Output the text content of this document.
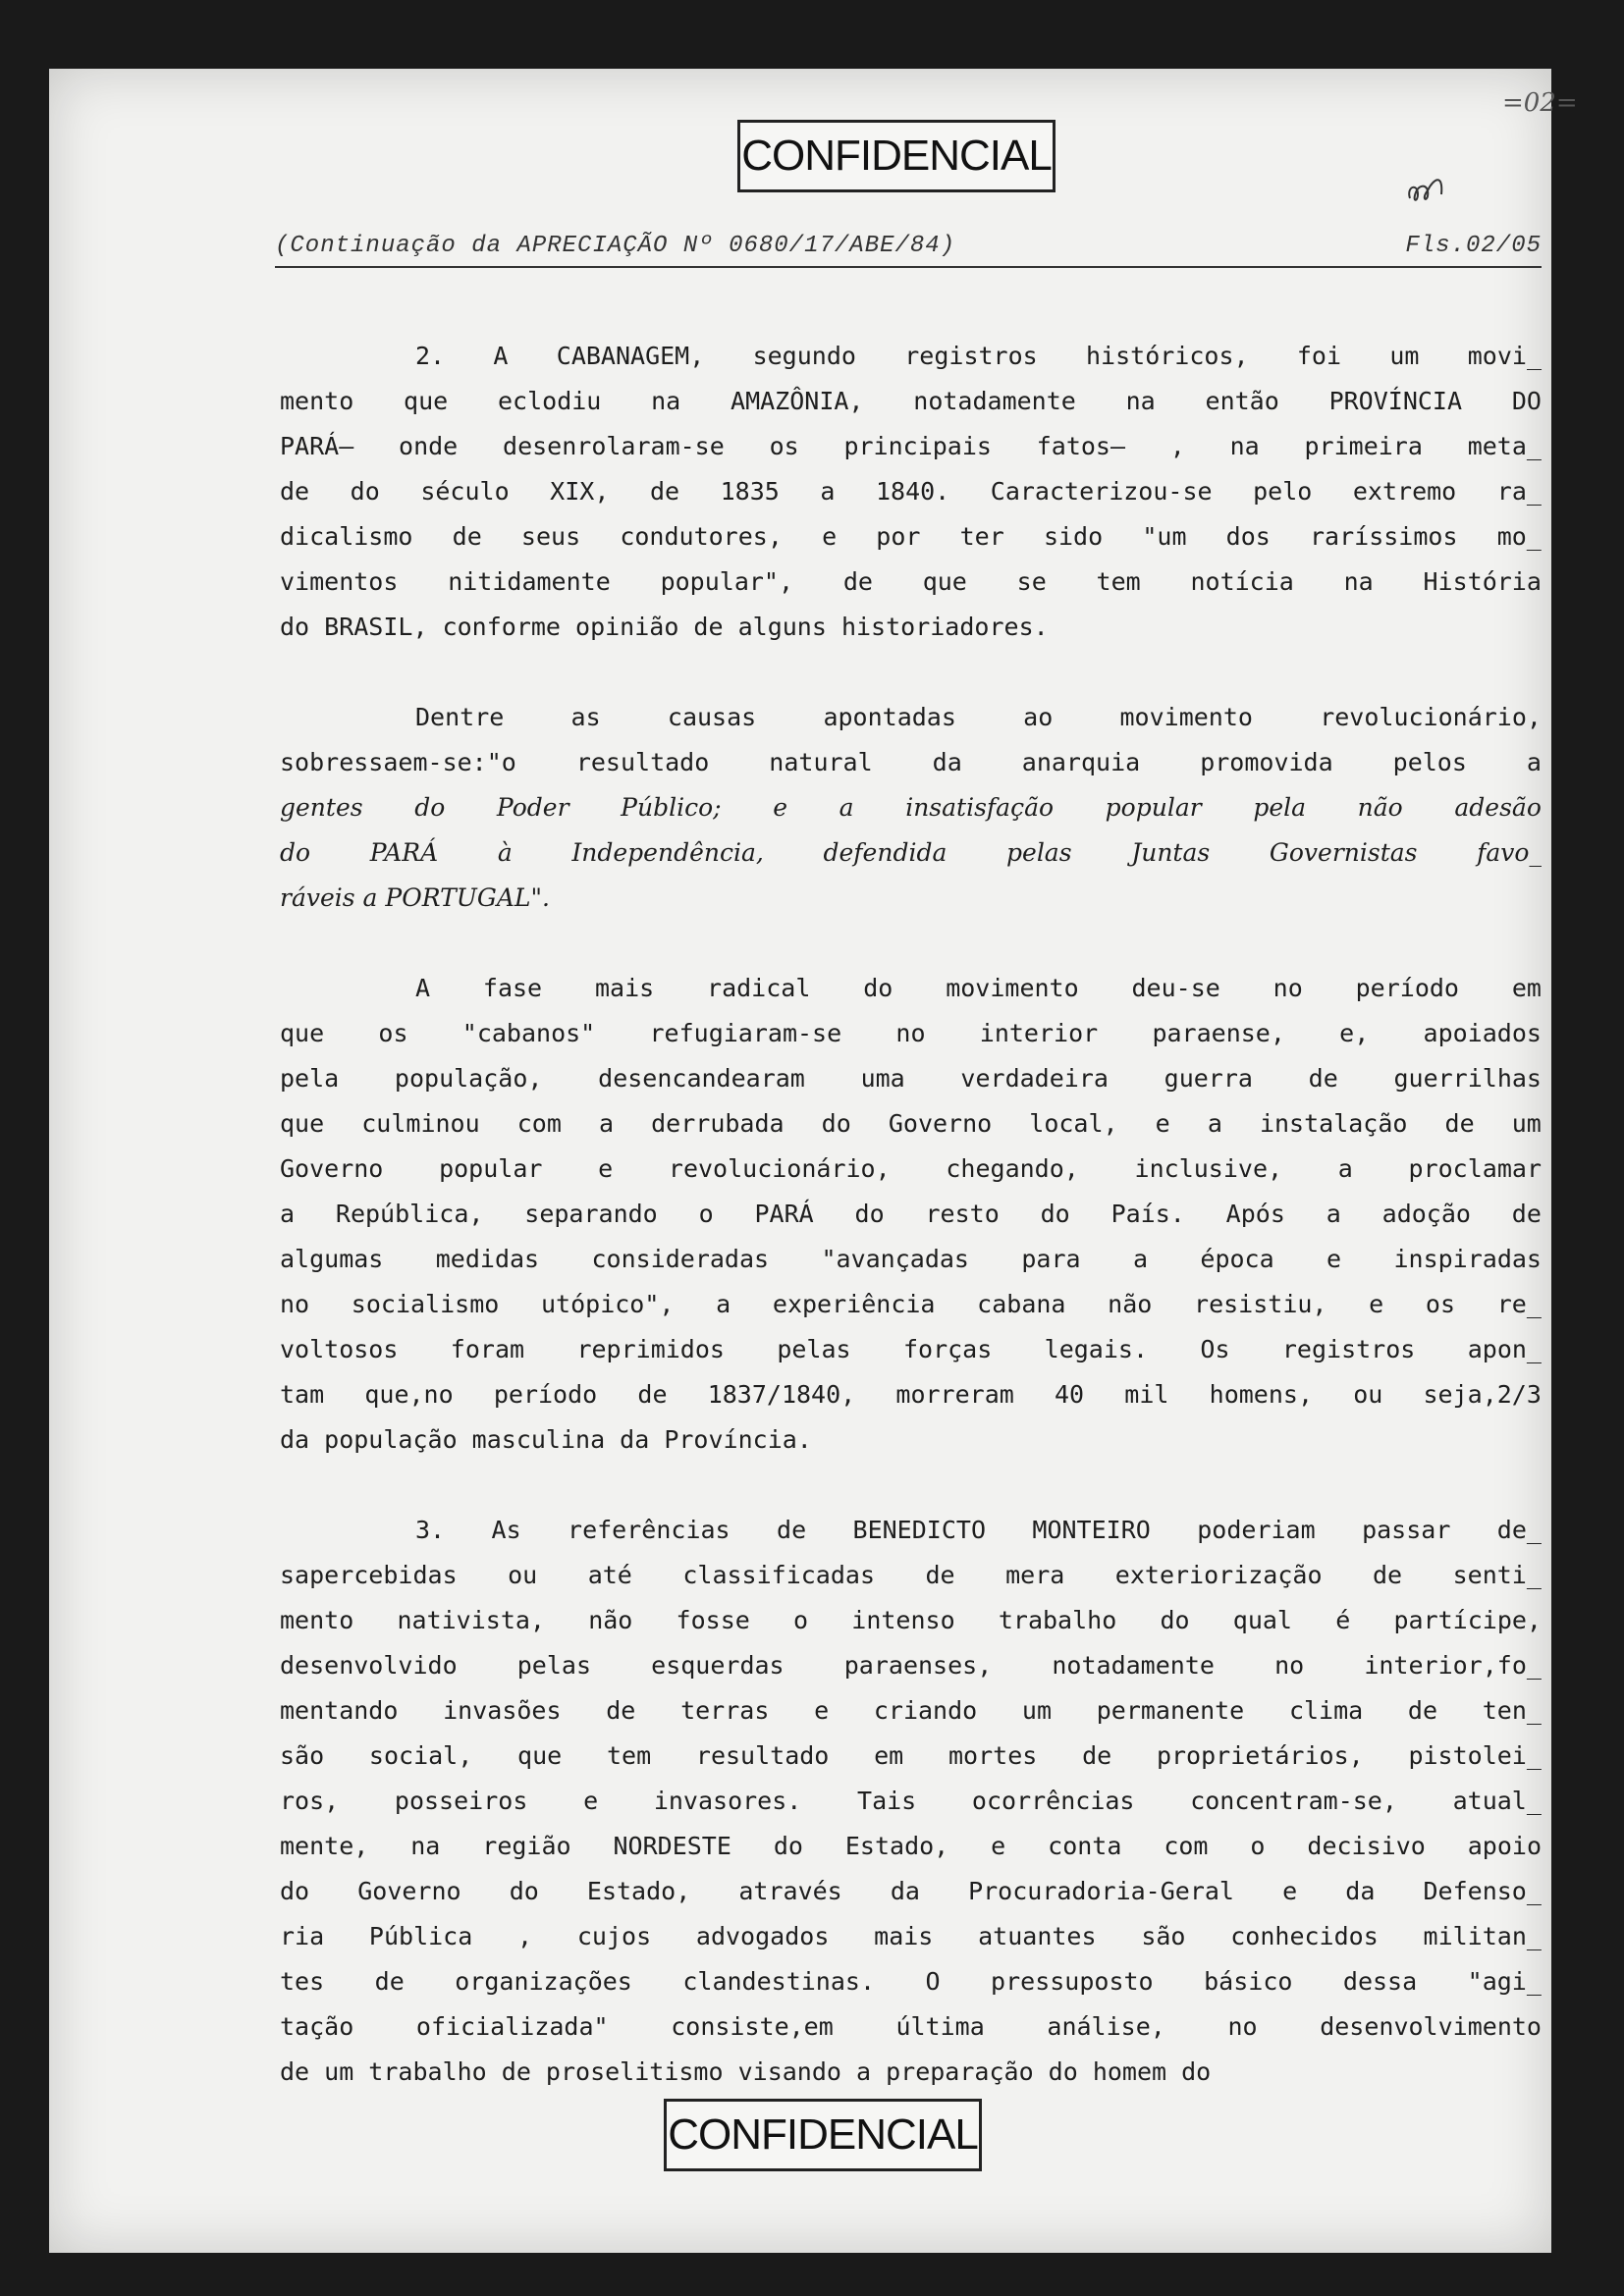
=02=
CONFIDENCIAL
(Continuação da APRECIAÇÃO Nº 0680/17/ABE/84)	Fls.02/05
2. A CABANAGEM, segundo registros históricos, foi um movi_
mento que eclodiu na AMAZÔNIA, notadamente na então PROVÍNCIA DO
PARÁ— onde desenrolaram-se os principais fatos— , na primeira meta_
de do século XIX, de 1835 a 1840. Caracterizou-se pelo extremo ra_
dicalismo de seus condutores, e por ter sido "um dos raríssimos mo_
vimentos nitidamente popular", de que se tem notícia na História
do BRASIL, conforme opinião de alguns historiadores.
Dentre	as	causas	apontadas	ao	movimento	revolucionário,
sobressaem-se:"o resultado natural da anarquia promovida pelos a
gentes do Poder Público; e a insatisfação popular pela não adesão
do PARÁ à Independência, defendida pelas Juntas Governistas favo_
ráveis a PORTUGAL".
A fase mais radical do movimento deu-se no período em
que os "cabanos" refugiaram-se no interior paraense, e, apoiados
pela população, desencandearam uma verdadeira guerra de guerrilhas
que culminou com a derrubada do Governo local, e a instalação de um
Governo popular e revolucionário, chegando, inclusive, a proclamar
a República, separando o PARÁ do resto do País. Após a adoção de
algumas medidas consideradas "avançadas para a época e inspiradas
no socialismo utópico", a experiência cabana não resistiu, e os re_
voltosos foram reprimidos pelas forças legais. Os registros apon_
tam que,no período de 1837/1840, morreram 40 mil homens, ou seja,2/3
da população masculina da Província.
3. As referências de BENEDICTO MONTEIRO poderiam passar de_
sapercebidas ou até classificadas de mera exteriorização de senti_
mento nativista, não fosse o intenso trabalho do qual é partícipe,
desenvolvido pelas esquerdas paraenses, notadamente no interior,fo_
mentando invasões de terras e criando um permanente clima de ten_
são social, que tem resultado em mortes de proprietários, pistolei_
ros, posseiros e invasores. Tais ocorrências concentram-se, atual_
mente, na região NORDESTE do Estado, e conta com o decisivo apoio
do Governo do Estado, através da Procuradoria-Geral e da Defenso_
ria Pública , cujos advogados mais atuantes são conhecidos militan_
tes de organizações clandestinas. O pressuposto básico dessa "agi_
tação	oficializada"	consiste,em	última	análise,	no	desenvolvimento
de um trabalho de proselitismo visando a preparação do homem do
CONFIDENCIAL
